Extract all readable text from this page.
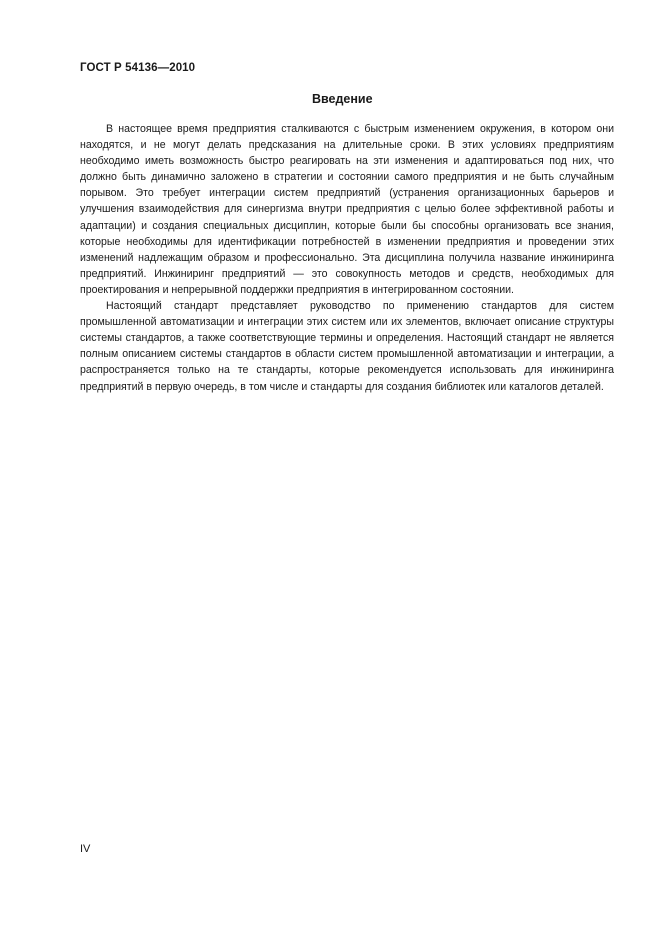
ГОСТ Р 54136—2010
Введение

В настоящее время предприятия сталкиваются с быстрым изменением окружения, в котором они находятся, и не могут делать предсказания на длительные сроки. В этих условиях предприятиям необходимо иметь возможность быстро реагировать на эти изменения и адаптироваться под них, что должно быть динамично заложено в стратегии и состоянии самого предприятия и не быть случайным порывом. Это требует интеграции систем предприятий (устранения организационных барьеров и улучшения взаимодействия для синергизма внутри предприятия с целью более эффективной работы и адаптации) и создания специальных дисциплин, которые были бы способны организовать все знания, которые необходимы для идентификации потребностей в изменении предприятия и проведении этих изменений надлежащим образом и профессионально. Эта дисциплина получила название инжиниринга предприятий. Инжиниринг предприятий — это совокупность методов и средств, необходимых для проектирования и непрерывной поддержки предприятия в интегрированном состоянии.

Настоящий стандарт представляет руководство по применению стандартов для систем промышленной автоматизации и интеграции этих систем или их элементов, включает описание структуры системы стандартов, а также соответствующие термины и определения. Настоящий стандарт не является полным описанием системы стандартов в области систем промышленной автоматизации и интеграции, а распространяется только на те стандарты, которые рекомендуется использовать для инжиниринга предприятий в первую очередь, в том числе и стандарты для создания библиотек или каталогов деталей.

IV
